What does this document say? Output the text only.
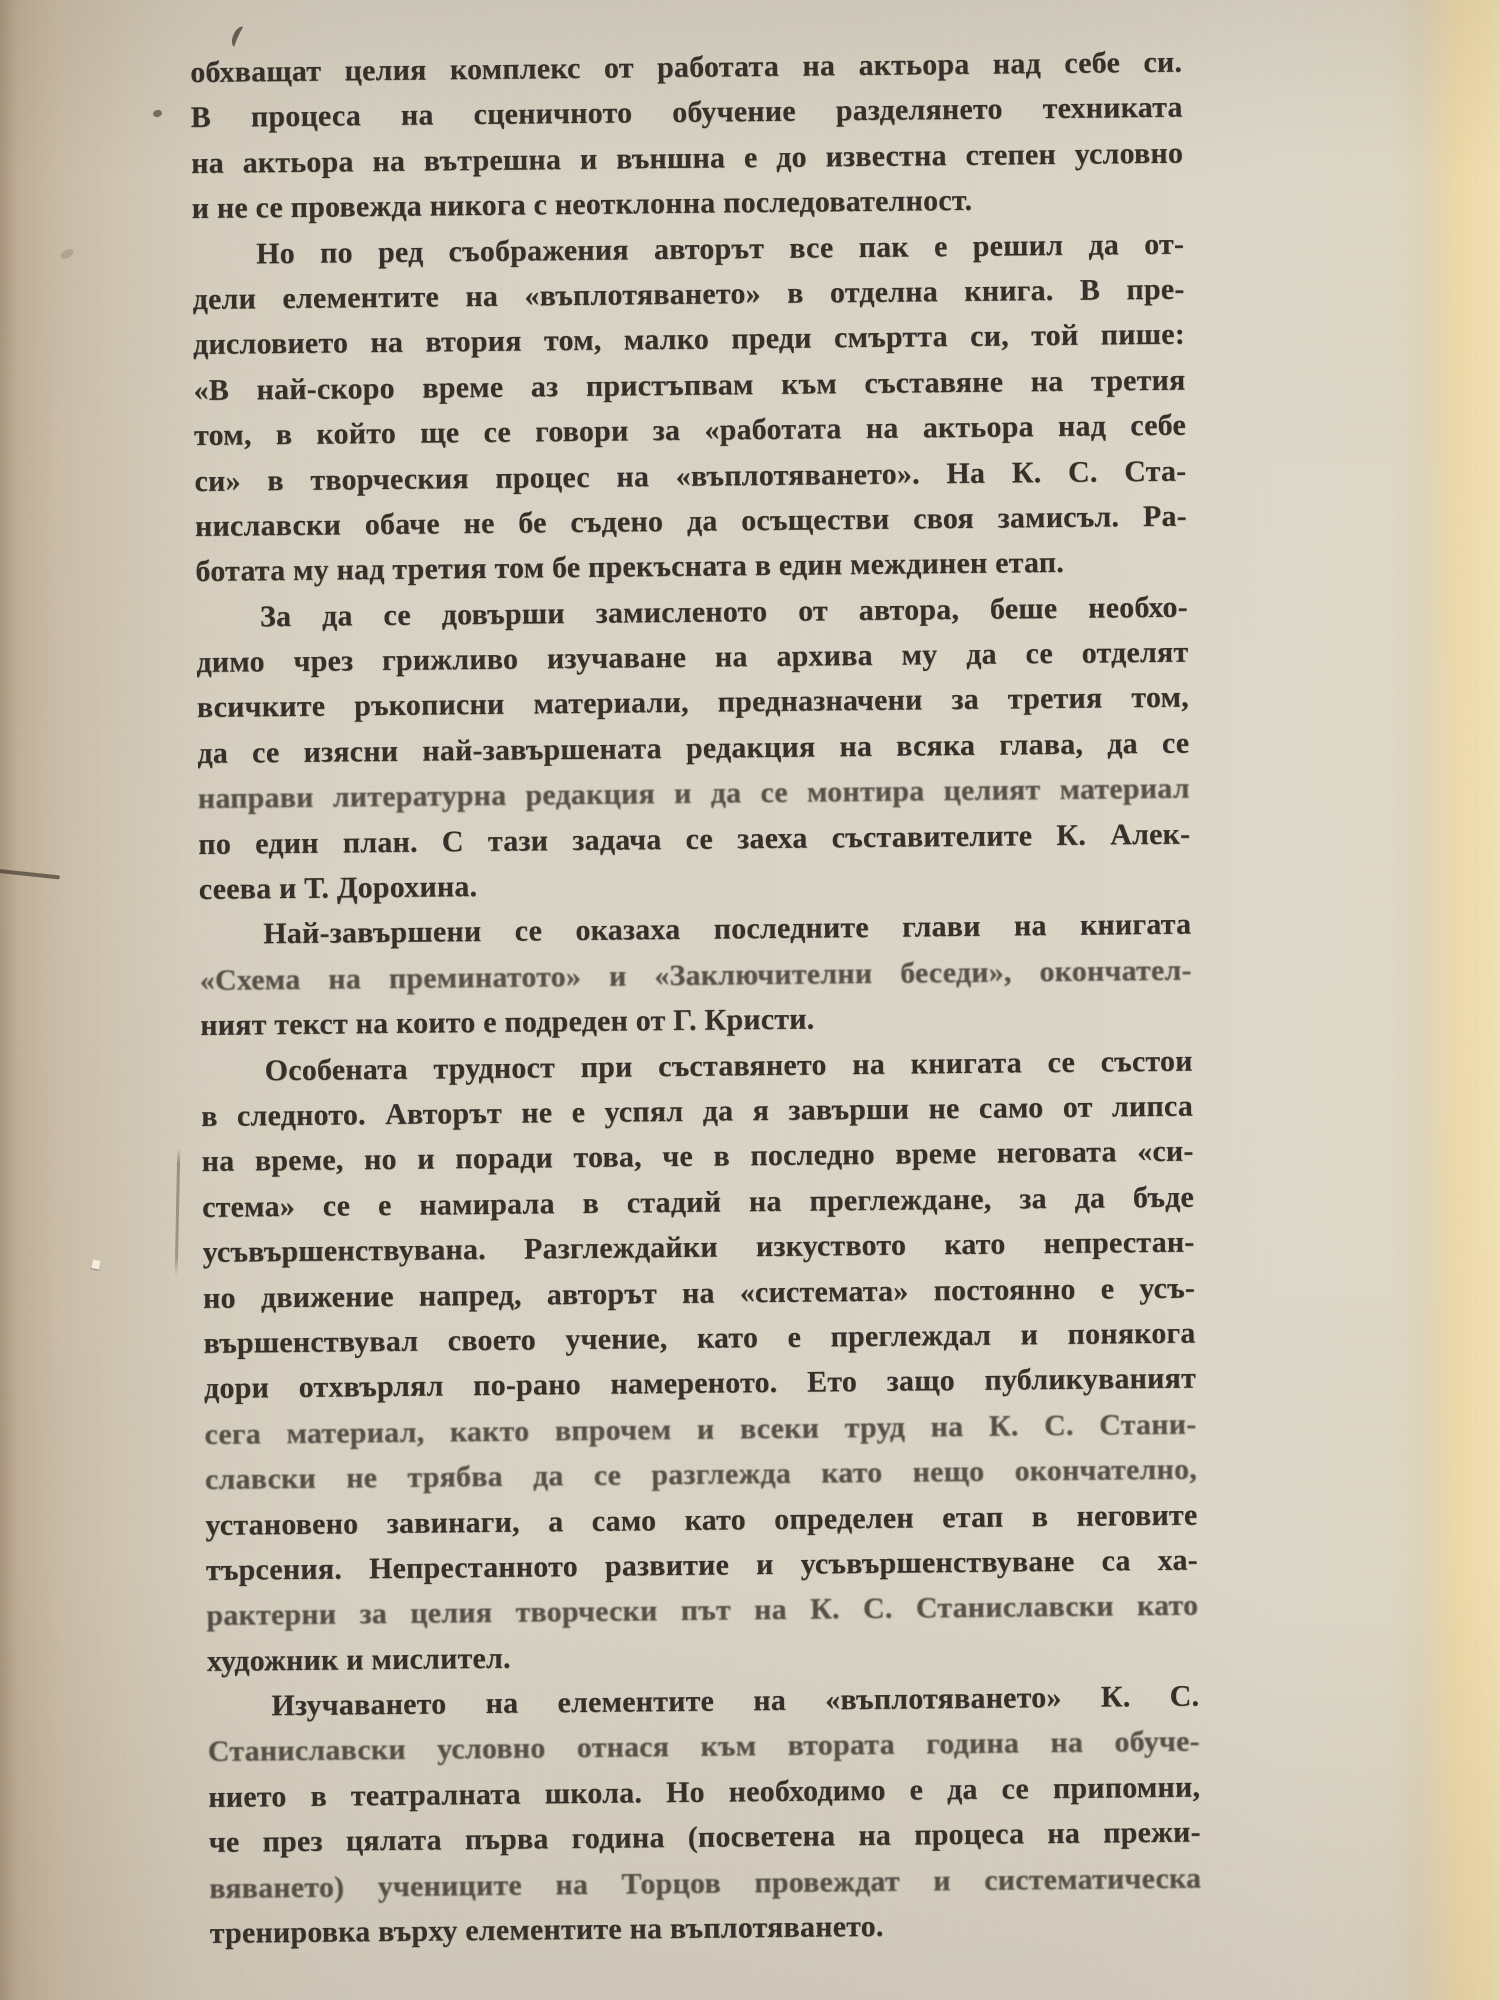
обхващат целия комплекс от работата на актьора над себе си.
В процеса на сценичното обучение разделянето техниката
на актьора на вътрешна и външна е до известна степен условно
и не се провежда никога с неотклонна последователност.
Но по ред съображения авторът все пак е решил да от-
дели елементите на «въплотяването» в отделна книга. В пре-
дисловието на втория том, малко преди смъртта си, той пише:
«В най-скоро време аз пристъпвам към съставяне на третия
том, в който ще се говори за «работата на актьора над себе
си» в творческия процес на «въплотяването». На К. С. Ста-
ниславски обаче не бе съдено да осъществи своя замисъл. Ра-
ботата му над третия том бе прекъсната в един междинен етап.
За да се довърши замисленото от автора, беше необхо-
димо чрез грижливо изучаване на архива му да се отделят
всичките ръкописни материали, предназначени за третия том,
да се изясни най-завършената редакция на всяка глава, да се
направи литературна редакция и да се монтира целият материал
по един план. С тази задача се заеха съставителите К. Алек-
сеева и Т. Дорохина.
Най-завършени се оказаха последните глави на книгата
«Схема на преминатото» и «Заключителни беседи», окончател-
ният текст на които е подреден от Г. Кристи.
Особената трудност при съставянето на книгата се състои
в следното. Авторът не е успял да я завърши не само от липса
на време, но и поради това, че в последно време неговата «си-
стема» се е намирала в стадий на преглеждане, за да бъде
усъвършенствувана. Разглеждайки изкуството като непрестан-
но движение напред, авторът на «системата» постоянно е усъ-
вършенствувал своето учение, като е преглеждал и понякога
дори отхвърлял по-рано намереното. Ето защо публикуваният
сега материал, както впрочем и всеки труд на К. С. Стани-
славски не трябва да се разглежда като нещо окончателно,
установено завинаги, а само като определен етап в неговите
търсения. Непрестанното развитие и усъвършенствуване са ха-
рактерни за целия творчески път на К. С. Станиславски като
художник и мислител.
Изучаването на елементите на «въплотяването» К. С.
Станиславски условно отнася към втората година на обуче-
нието в театралната школа. Но необходимо е да се припомни,
че през цялата първа година (посветена на процеса на прежи-
вяването) учениците на Торцов провеждат и систематическа
тренировка върху елементите на въплотяването.
